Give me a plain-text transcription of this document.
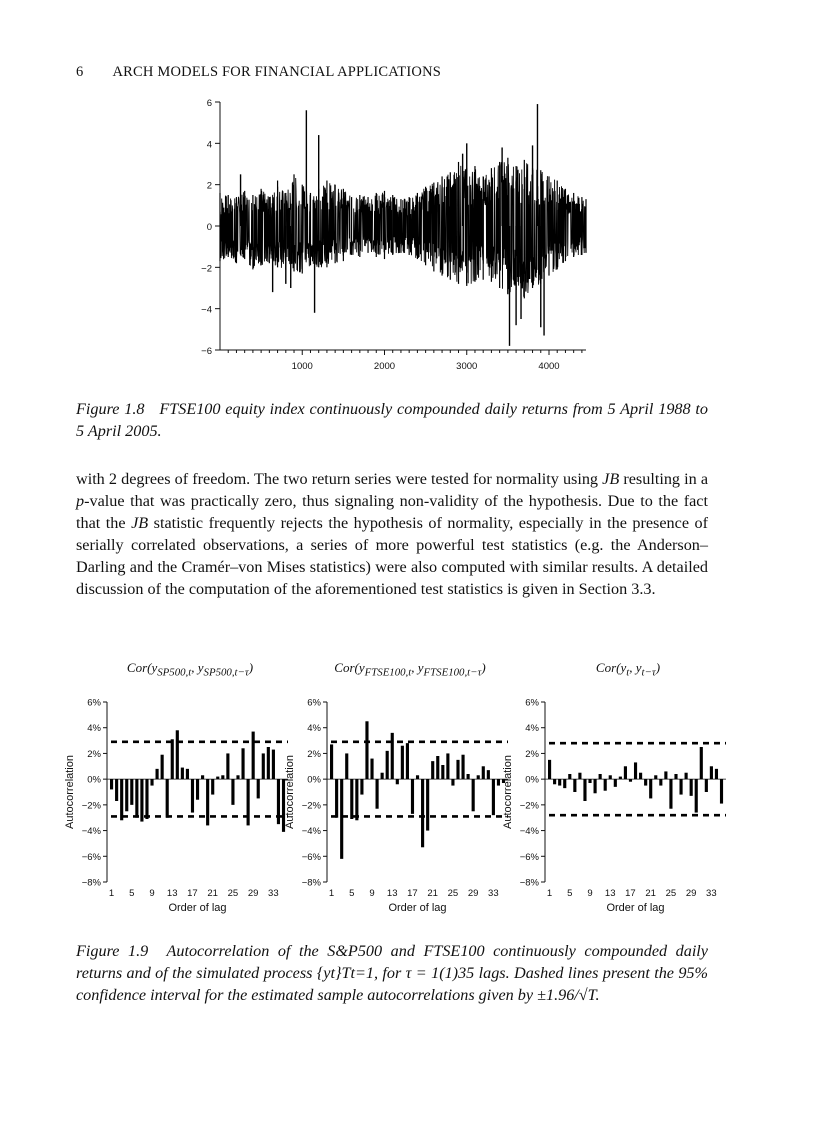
6 ARCH MODELS FOR FINANCIAL APPLICATIONS
6
4
2
0
−2
−4
−6
1000	2000	3000	4000
Figure 1.8 FTSE100 equity index continuously compounded daily returns from 5 April 1988 to 5 April 2005.
with 2 degrees of freedom. The two return series were tested for normality using JB resulting in a p-value that was practically zero, thus signaling non-validity of the hypothesis. Due to the fact that the JB statistic frequently rejects the hypothesis of normality, especially in the presence of serially correlated observations, a series of more powerful test statistics (e.g. the Anderson–Darling and the Cramér–von Mises statistics) were also computed with similar results. A detailed discussion of the computation of the aforementioned test statistics is given in Section 3.3.
$Cor(y_{SP500,t}$, $y_{SP500,t-\tau}$)
6%
4%
2%
0%
−2%
−4%
−6%
−8%
1 5 9 13 17 21 25 29 33
Order of lag
Autocorrelation
$Cor(y_{FTSE100,t}$, $y_{FTSE100,t-\tau}$)
6%
4%
2%
0%
−2%
−4%
−6%
−8%
1 5 9 13 17 21 25 29 33
Order of lag
Autocorrelation
$Cor(y_t$, $y_{t-\tau}$)
6%
4%
2%
0%
−2%
−4%
−6%
−8%
1 5 9 13 17 21 25 29 33
Order of lag
Autocorrelation
Figure 1.9 Autocorrelation of the S&P500 and FTSE100 continuously compounded daily returns and of the simulated process {yt}Tt=1, for τ = 1(1)35 lags. Dashed lines present the 95% confidence interval for the estimated sample autocorrelations given by ±1.96/√T.
